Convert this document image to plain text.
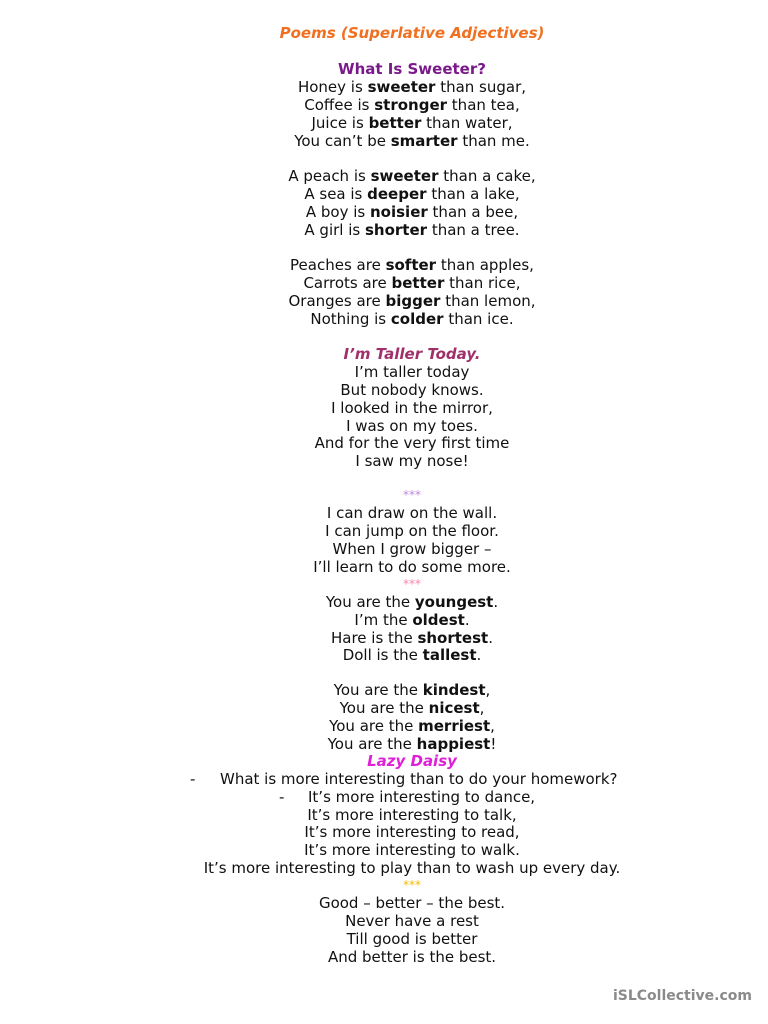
Poems (Superlative Adjectives)
What Is Sweeter?
Honey is sweeter than sugar,
Coffee is stronger than tea,
Juice is better than water,
You can’t be smarter than me.
A peach is sweeter than a cake,
A sea is deeper than a lake,
A boy is noisier than a bee,
A girl is shorter than a tree.
Peaches are softer than apples,
Carrots are better than rice,
Oranges are bigger than lemon,
Nothing is colder than ice.
I’m Taller Today.
I’m taller today
But nobody knows.
I looked in the mirror,
I was on my toes.
And for the very first time
I saw my nose!
***
I can draw on the wall.
I can jump on the floor.
When I grow bigger –
I’ll learn to do some more.
***
You are the youngest.
I’m the oldest.
Hare is the shortest.
Doll is the tallest.
You are the kindest,
You are the nicest,
You are the merriest,
You are the happiest!
Lazy Daisy
- What is more interesting than to do your homework?
- It’s more interesting to dance,
It’s more interesting to talk,
It’s more interesting to read,
It’s more interesting to walk.
It’s more interesting to play than to wash up every day.
***
Good – better – the best.
Never have a rest
Till good is better
And better is the best.
iSLCollective.com
